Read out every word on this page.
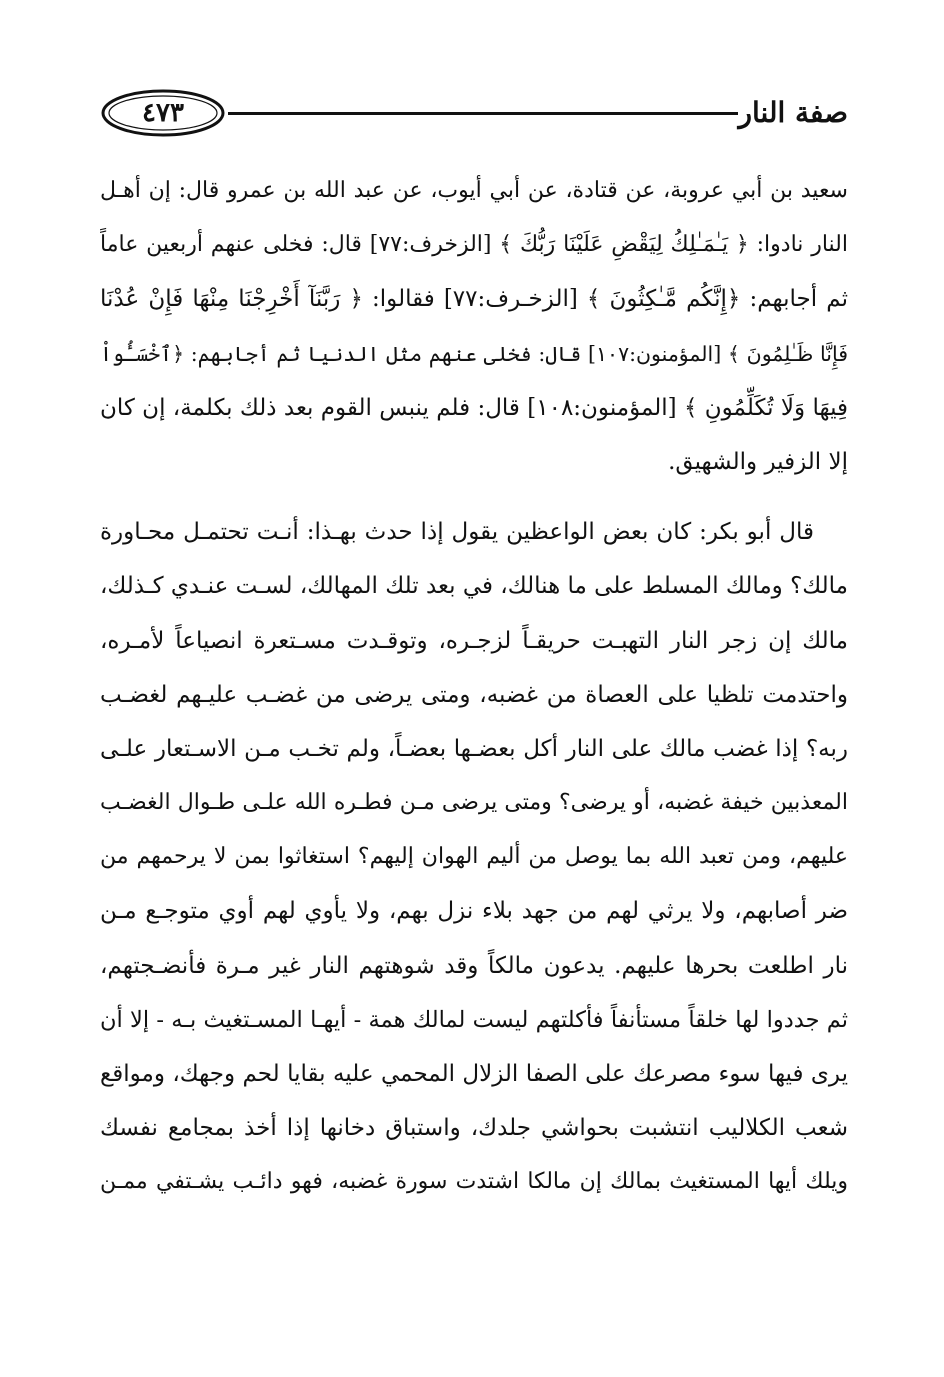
صفة النار
٤٧٣
سعيد بن أبي عروبة، عن قتادة، عن أبي أيوب، عن عبد الله بن عمرو قال: إن أهـل
النار نادوا: ﴿ يَـٰمَـٰلِكُ لِيَقْضِ عَلَيْنَا رَبُّكَ ﴾ [الزخرف:٧٧] قال: فخلى عنهم أربعين عاماً
ثم أجابهم: ﴿إِنَّكُم مَّـٰكِثُونَ ﴾ [الزخـرف:٧٧] فقالوا: ﴿ رَبَّنَآ أَخْرِجْنَا مِنْهَا فَإِنْ عُدْنَا
فَإِنَّا ظَـٰلِمُونَ ﴾ [المؤمنون:١٠٧] قال: فخلى عنهم مثل الدنيا ثم أجابهم: ﴿ٱخْسَـُٔواْ
فِيهَا وَلَا تُكَلِّمُونِ ﴾ [المؤمنون:١٠٨] قال: فلم ينبس القوم بعد ذلك بكلمة، إن كان
إلا الزفير والشهيق.
قال أبو بكر: كان بعض الواعظين يقول إذا حدث بهـذا: أنـت تحتمـل محـاورة
مالك؟ ومالك المسلط على ما هنالك، في بعد تلك المهالك، لسـت عنـدي كـذلك،
مالك إن زجر النار التهبـت حريقـاً لزجـره، وتوقـدت مسـتعرة انصياعاً لأمـره،
واحتدمت تلظيا على العصاة من غضبه، ومتى يرضى من غضـب عليـهم لغضـب
ربه؟ إذا غضب مالك على النار أكل بعضـها بعضـاً، ولم تخـب مـن الاسـتعار علـى
المعذبين خيفة غضبه، أو يرضى؟ ومتى يرضى مـن فطـره الله علـى طـوال الغضـب
عليهم، ومن تعبد الله بما يوصل من أليم الهوان إليهم؟ استغاثوا بمن لا يرحمهم من
ضر أصابهم، ولا يرثي لهم من جهد بلاء نزل بهم، ولا يأوي لهم أوي متوجـع مـن
نار اطلعت بحرها عليهم. يدعون مالكاً وقد شوهتهم النار غير مـرة فأنضـجتهم،
ثم جددوا لها خلقاً مستأنفاً فأكلتهم ليست لمالك همة - أيهـا المسـتغيث بـه - إلا أن
يرى فيها سوء مصرعك على الصفا الزلال المحمي عليه بقايا لحم وجهك، ومواقع
شعب الكلاليب انتشبت بحواشي جلدك، واستباق دخانها إذا أخذ بمجامع نفسك
ويلك أيها المستغيث بمالك إن مالكا اشتدت سورة غضبه، فهو دائـب يشـتفي ممـن
